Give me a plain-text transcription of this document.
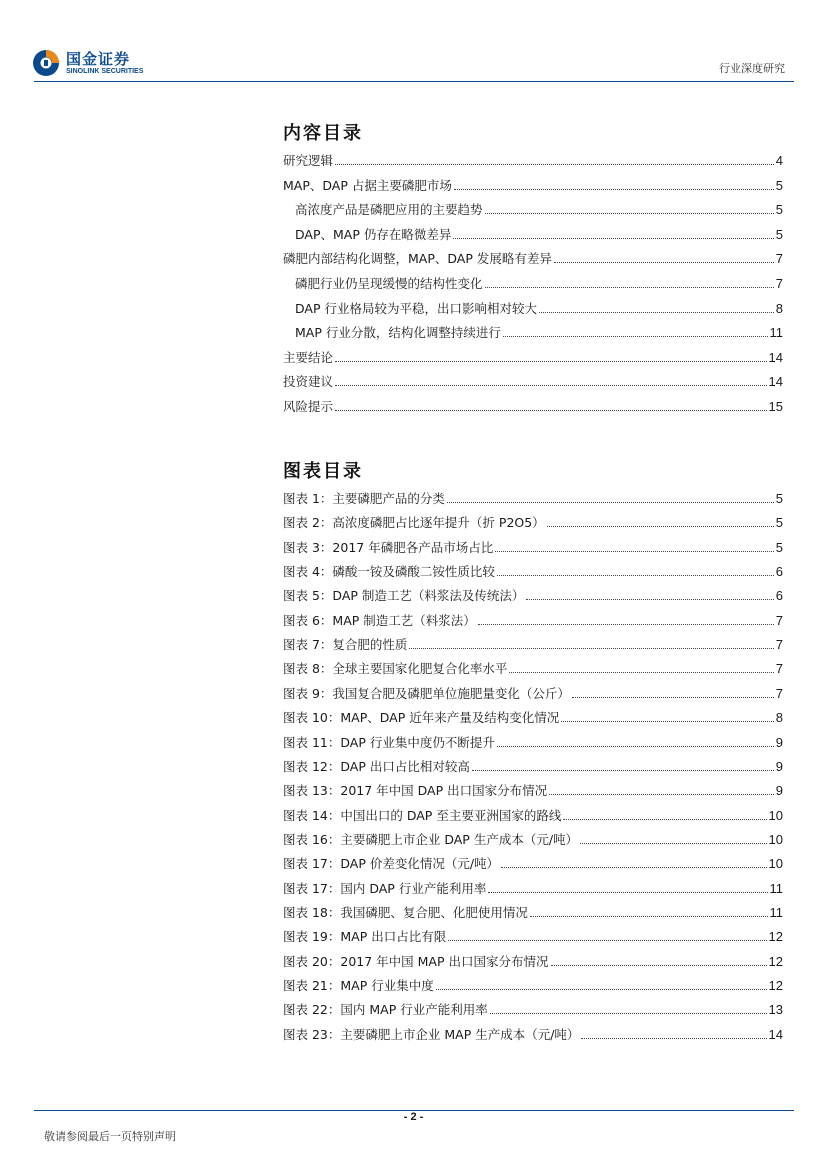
国金证券
SINOLINK SECURITIES	行业深度研究
内容目录
研究逻辑	4
MAP、DAP 占据主要磷肥市场	5
高浓度产品是磷肥应用的主要趋势	5
DAP、MAP 仍存在略微差异	5
磷肥内部结构化调整，MAP、DAP 发展略有差异	7
磷肥行业仍呈现缓慢的结构性变化	7
DAP 行业格局较为平稳，出口影响相对较大	8
MAP 行业分散，结构化调整持续进行	11
主要结论	14
投资建议	14
风险提示	15
图表目录
图表 1：主要磷肥产品的分类	5
图表 2：高浓度磷肥占比逐年提升（折 P2O5）	5
图表 3：2017 年磷肥各产品市场占比	5
图表 4：磷酸一铵及磷酸二铵性质比较	6
图表 5：DAP 制造工艺（料浆法及传统法）	6
图表 6：MAP 制造工艺（料浆法）	7
图表 7：复合肥的性质	7
图表 8：全球主要国家化肥复合化率水平	7
图表 9：我国复合肥及磷肥单位施肥量变化（公斤）	7
图表 10：MAP、DAP 近年来产量及结构变化情况	8
图表 11：DAP 行业集中度仍不断提升	9
图表 12：DAP 出口占比相对较高	9
图表 13：2017 年中国 DAP 出口国家分布情况	9
图表 14：中国出口的 DAP 至主要亚洲国家的路线	10
图表 16：主要磷肥上市企业 DAP 生产成本（元/吨）	10
图表 17：DAP 价差变化情况（元/吨）	10
图表 17：国内 DAP 行业产能利用率	11
图表 18：我国磷肥、复合肥、化肥使用情况	11
图表 19：MAP 出口占比有限	12
图表 20：2017 年中国 MAP 出口国家分布情况	12
图表 21：MAP 行业集中度	12
图表 22：国内 MAP 行业产能利用率	13
图表 23：主要磷肥上市企业 MAP 生产成本（元/吨）	14
- 2 -
敬请参阅最后一页特别声明
